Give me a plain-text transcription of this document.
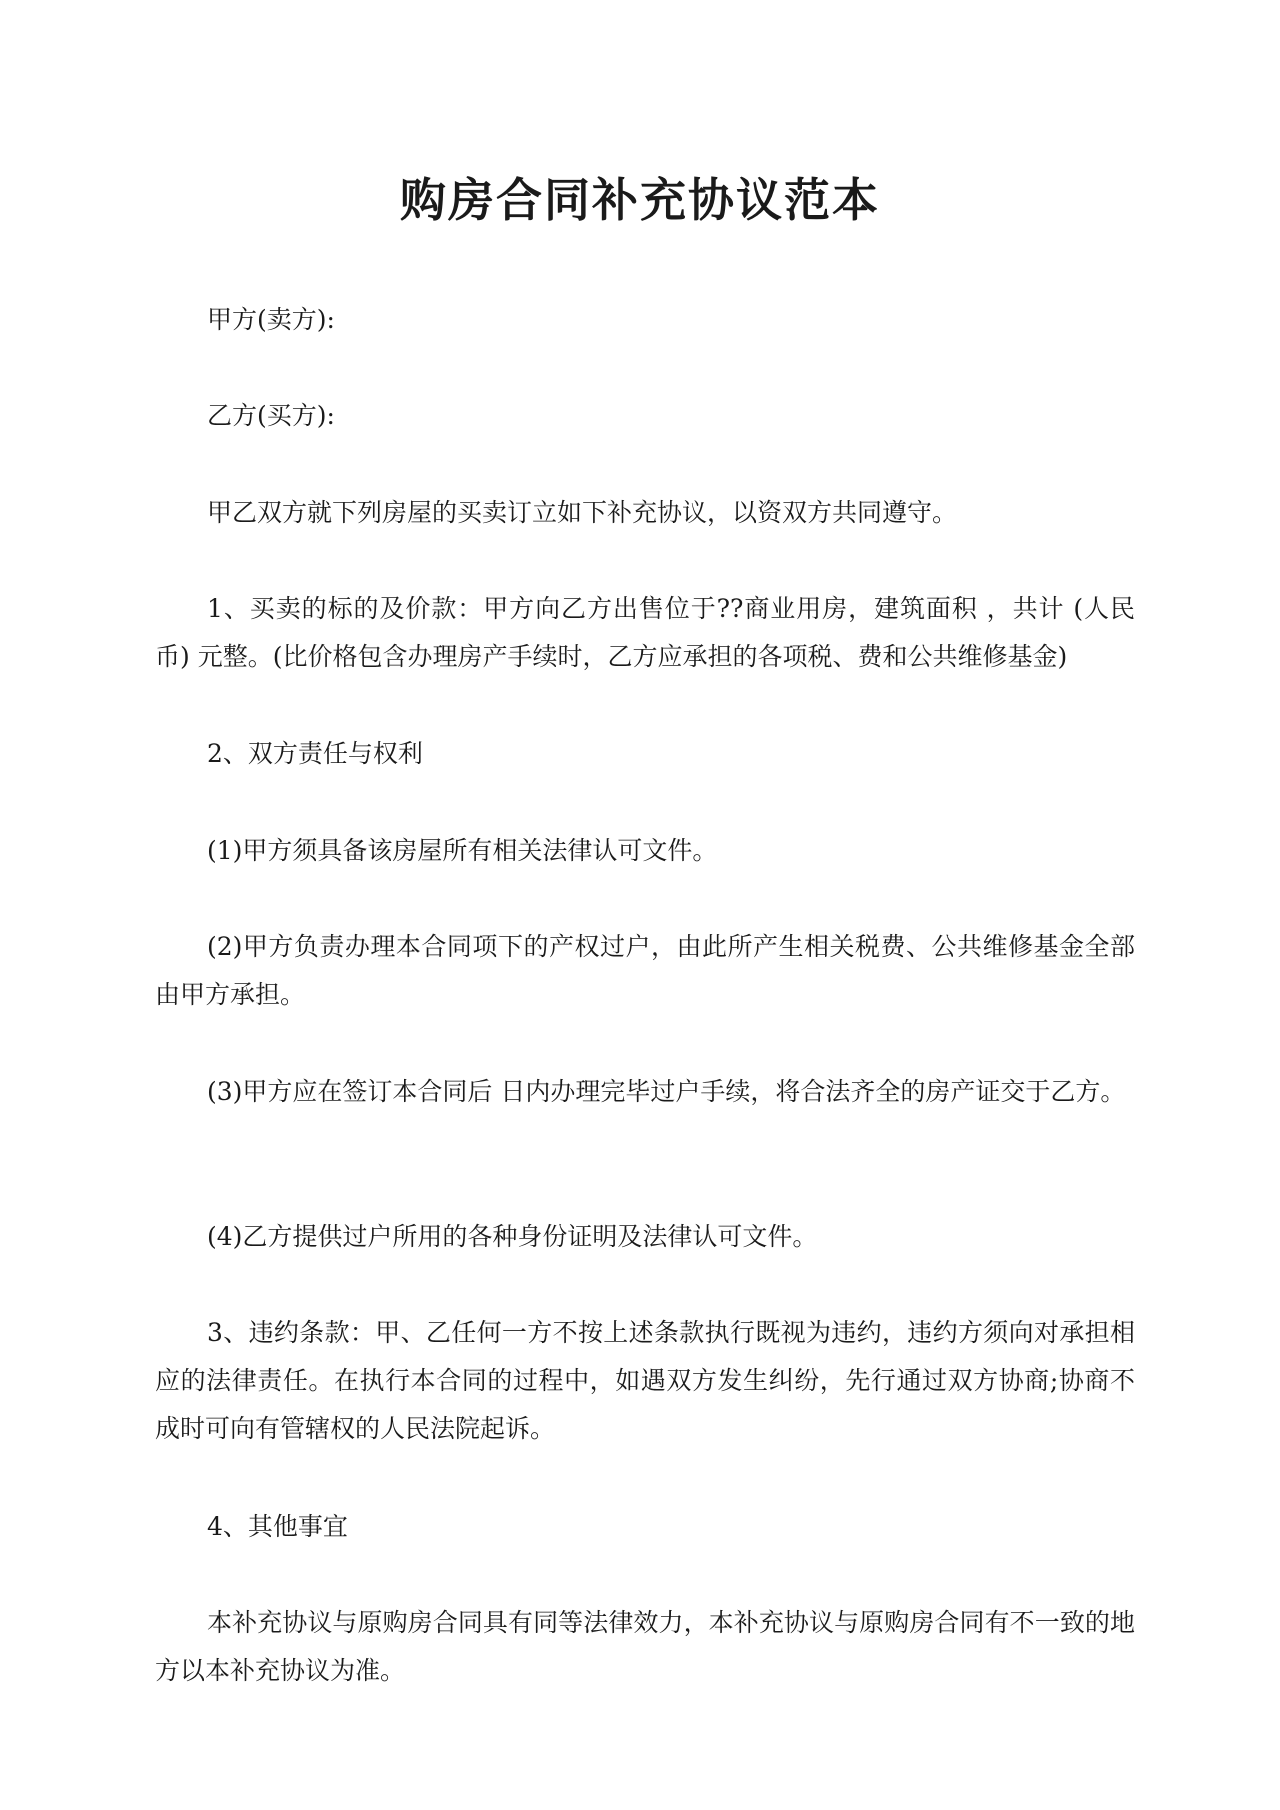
购房合同补充协议范本

甲方(卖方):

乙方(买方):

甲乙双方就下列房屋的买卖订立如下补充协议，以资双方共同遵守。

1、买卖的标的及价款：甲方向乙方出售位于??商业用房，建筑面积 ，共计 (人民币) 元整。(比价格包含办理房产手续时，乙方应承担的各项税、费和公共维修基金)

2、双方责任与权利

(1)甲方须具备该房屋所有相关法律认可文件。

(2)甲方负责办理本合同项下的产权过户，由此所产生相关税费、公共维修基金全部由甲方承担。

(3)甲方应在签订本合同后 日内办理完毕过户手续，将合法齐全的房产证交于乙方。

(4)乙方提供过户所用的各种身份证明及法律认可文件。

3、违约条款：甲、乙任何一方不按上述条款执行既视为违约，违约方须向对承担相应的法律责任。在执行本合同的过程中，如遇双方发生纠纷，先行通过双方协商;协商不成时可向有管辖权的人民法院起诉。

4、其他事宜

本补充协议与原购房合同具有同等法律效力，本补充协议与原购房合同有不一致的地方以本补充协议为准。
